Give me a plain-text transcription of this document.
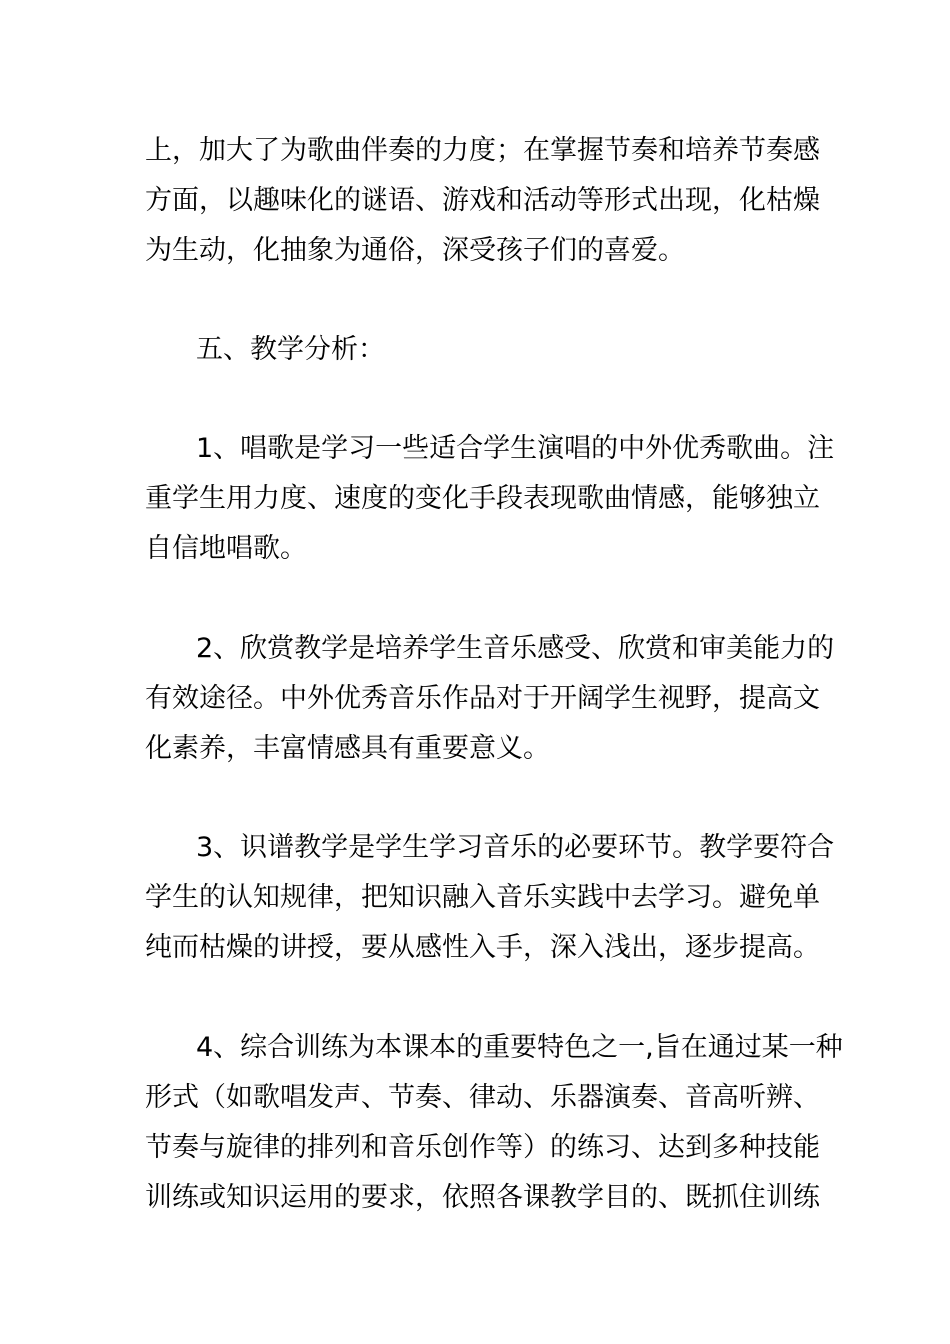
上，加大了为歌曲伴奏的力度；在掌握节奏和培养节奏感
方面，以趣味化的谜语、游戏和活动等形式出现，化枯燥
为生动，化抽象为通俗，深受孩子们的喜爱。
五、教学分析：
1、唱歌是学习一些适合学生演唱的中外优秀歌曲。注
重学生用力度、速度的变化手段表现歌曲情感，能够独立
自信地唱歌。
2、欣赏教学是培养学生音乐感受、欣赏和审美能力的
有效途径。中外优秀音乐作品对于开阔学生视野，提高文
化素养，丰富情感具有重要意义。
3、识谱教学是学生学习音乐的必要环节。教学要符合
学生的认知规律，把知识融入音乐实践中去学习。避免单
纯而枯燥的讲授，要从感性入手，深入浅出，逐步提高。
4、综合训练为本课本的重要特色之一,旨在通过某一种
形式（如歌唱发声、节奏、律动、乐器演奏、音高听辨、
节奏与旋律的排列和音乐创作等）的练习、达到多种技能
训练或知识运用的要求，依照各课教学目的、既抓住训练
